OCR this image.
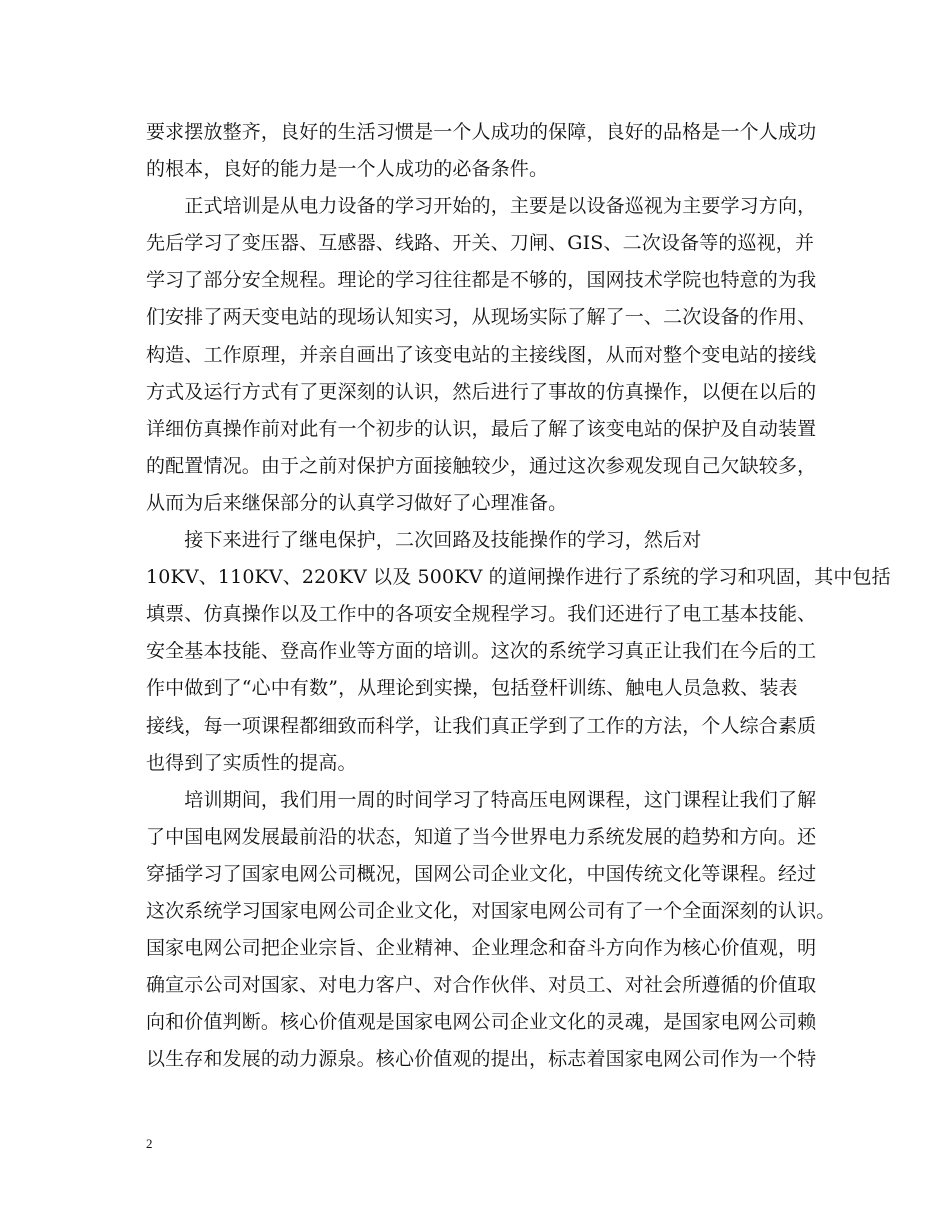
要求摆放整齐，良好的生活习惯是一个人成功的保障，良好的品格是一个人成功
的根本，良好的能力是一个人成功的必备条件。
　　正式培训是从电力设备的学习开始的，主要是以设备巡视为主要学习方向，
先后学习了变压器、互感器、线路、开关、刀闸、GIS、二次设备等的巡视，并
学习了部分安全规程。理论的学习往往都是不够的，国网技术学院也特意的为我
们安排了两天变电站的现场认知实习，从现场实际了解了一、二次设备的作用、
构造、工作原理，并亲自画出了该变电站的主接线图，从而对整个变电站的接线
方式及运行方式有了更深刻的认识，然后进行了事故的仿真操作，以便在以后的
详细仿真操作前对此有一个初步的认识，最后了解了该变电站的保护及自动装置
的配置情况。由于之前对保护方面接触较少，通过这次参观发现自己欠缺较多，
从而为后来继保部分的认真学习做好了心理准备。
　　接下来进行了继电保护，二次回路及技能操作的学习，然后对
10KV、110KV、220KV 以及 500KV 的道闸操作进行了系统的学习和巩固，其中包括
填票、仿真操作以及工作中的各项安全规程学习。我们还进行了电工基本技能、
安全基本技能、登高作业等方面的培训。这次的系统学习真正让我们在今后的工
作中做到了“心中有数”，从理论到实操，包括登杆训练、触电人员急救、装表
接线，每一项课程都细致而科学，让我们真正学到了工作的方法，个人综合素质
也得到了实质性的提高。
　　培训期间，我们用一周的时间学习了特高压电网课程，这门课程让我们了解
了中国电网发展最前沿的状态，知道了当今世界电力系统发展的趋势和方向。还
穿插学习了国家电网公司概况，国网公司企业文化，中国传统文化等课程。经过
这次系统学习国家电网公司企业文化，对国家电网公司有了一个全面深刻的认识。
国家电网公司把企业宗旨、企业精神、企业理念和奋斗方向作为核心价值观，明
确宣示公司对国家、对电力客户、对合作伙伴、对员工、对社会所遵循的价值取
向和价值判断。核心价值观是国家电网公司企业文化的灵魂，是国家电网公司赖
以生存和发展的动力源泉。核心价值观的提出，标志着国家电网公司作为一个特
2
